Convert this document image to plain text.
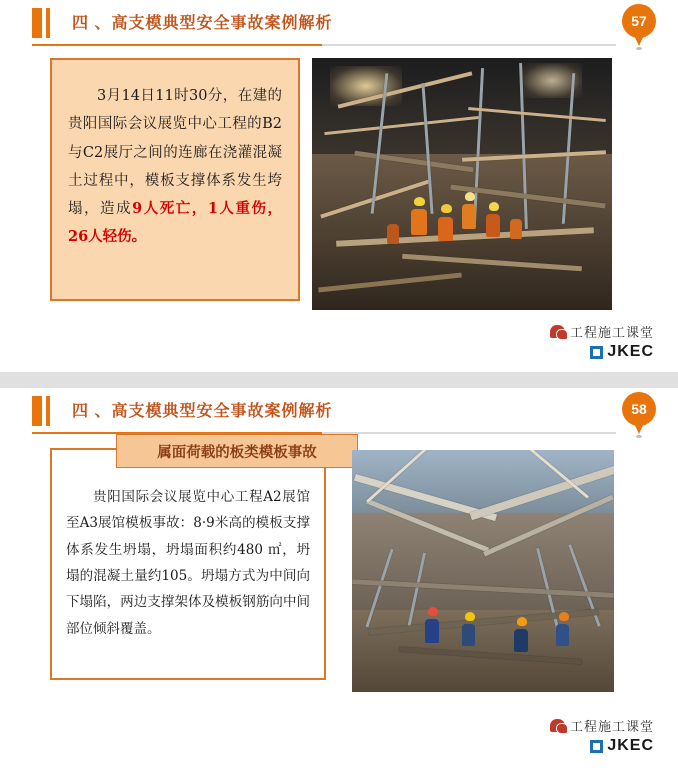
四 、高支模典型安全事故案例解析	57
3月14日11时30分，在建的贵阳国际会议展览中心工程的B2与C2展厅之间的连廊在浇灌混凝土过程中，模板支撑体系发生垮塌，造成9人死亡，1人重伤，26人轻伤。
工程施工课堂
JKEC
四 、高支模典型安全事故案例解析	58
属面荷载的板类模板事故
贵阳国际会议展览中心工程A2展馆至A3展馆模板事故：8·9米高的模板支撑体系发生坍塌，坍塌面积约480 ㎡，坍塌的混凝土量约105。坍塌方式为中间向下塌陷，两边支撑架体及模板钢筋向中间部位倾斜覆盖。
工程施工课堂
JKEC
